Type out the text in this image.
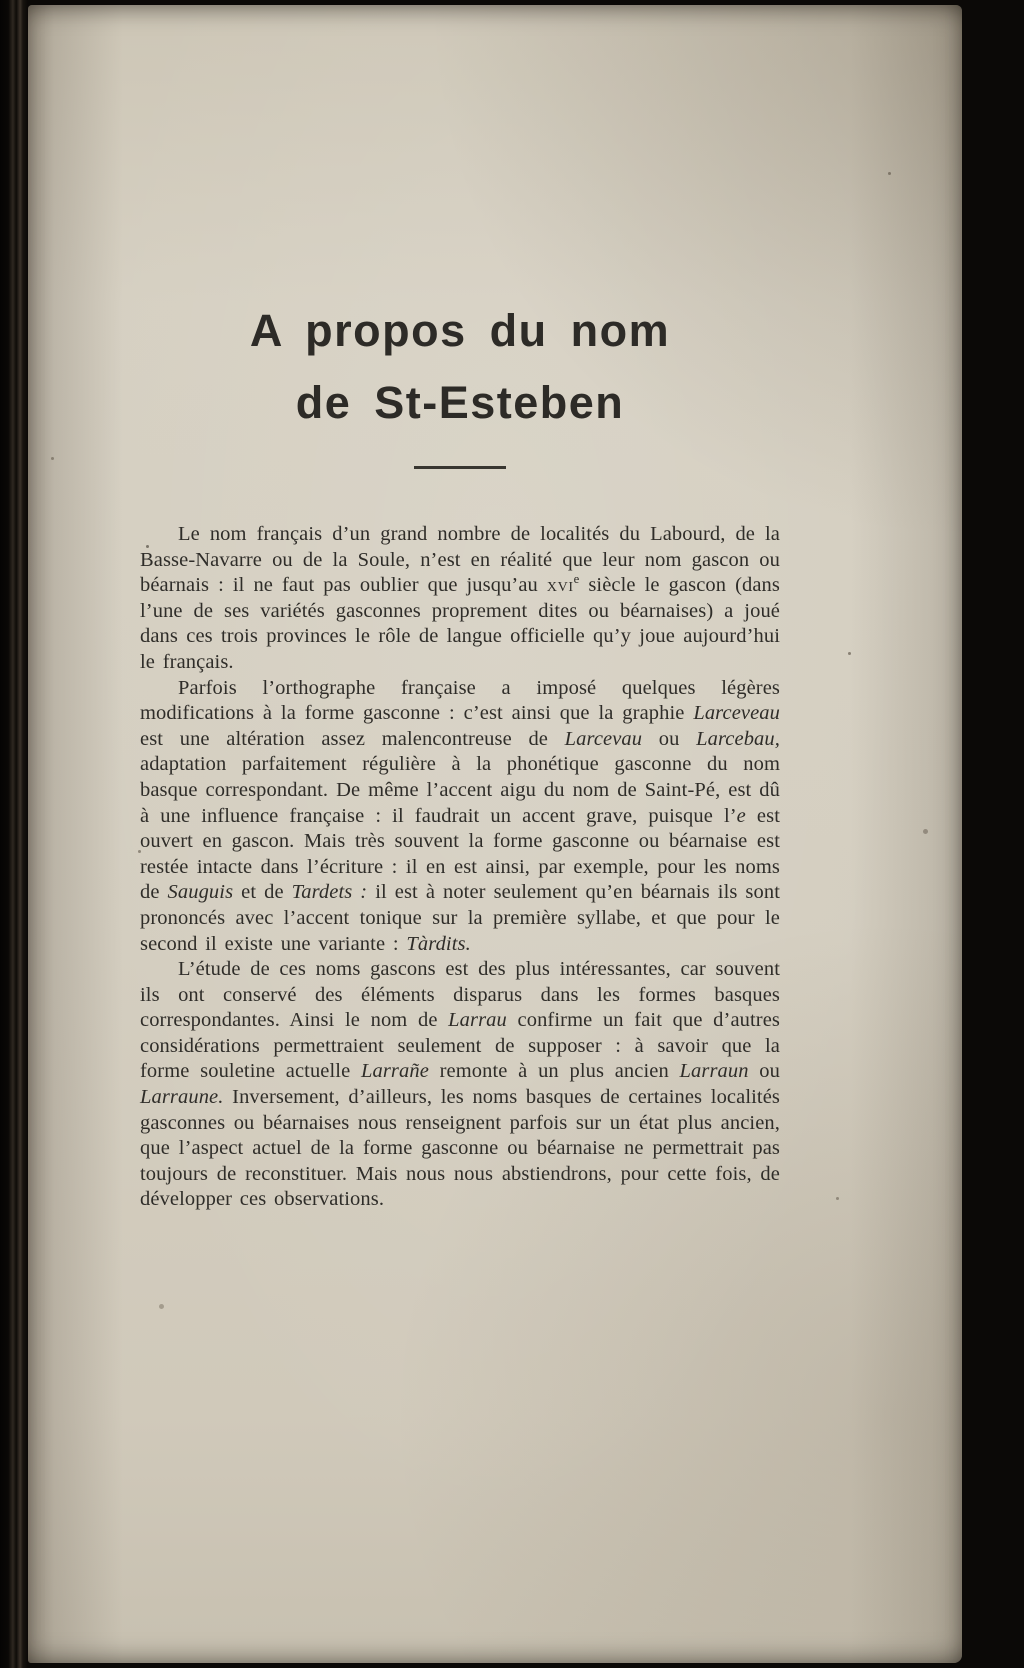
A propos du nom
de St-Esteben

Le nom français d’un grand nombre de localités du Labourd, de la Basse-Navarre ou de la Soule, n’est en réalité que leur nom gascon ou béarnais : il ne faut pas oublier que jusqu’au xvi$^e$ siècle le gascon (dans l’une de ses variétés gasconnes proprement dites ou béarnaises) a joué dans ces trois provinces le rôle de langue officielle qu’y joue aujourd’hui le français.

Parfois l’orthographe française a imposé quelques légères modifications à la forme gasconne : c’est ainsi que la graphie Larceveau est une altération assez malencontreuse de Larcevau ou Larcebau, adaptation parfaitement régulière à la phonétique gasconne du nom basque correspondant. De même l’accent aigu du nom de Saint-Pé, est dû à une influence française : il faudrait un accent grave, puisque l’e est ouvert en gascon. Mais très souvent la forme gasconne ou béarnaise est restée intacte dans l’écriture : il en est ainsi, par exemple, pour les noms de Sauguis et de Tardets : il est à noter seulement qu’en béarnais ils sont prononcés avec l’accent tonique sur la première syllabe, et que pour le second il existe une variante : Tàrdits.

L’étude de ces noms gascons est des plus intéressantes, car souvent ils ont conservé des éléments disparus dans les formes basques correspondantes. Ainsi le nom de Larrau confirme un fait que d’autres considérations permettraient seulement de supposer : à savoir que la forme souletine actuelle Larrañe remonte à un plus ancien Larraun ou Larraune. Inversement, d’ailleurs, les noms basques de certaines localités gasconnes ou béarnaises nous renseignent parfois sur un état plus ancien, que l’aspect actuel de la forme gasconne ou béarnaise ne permettrait pas toujours de reconstituer. Mais nous nous abstiendrons, pour cette fois, de développer ces observations.
